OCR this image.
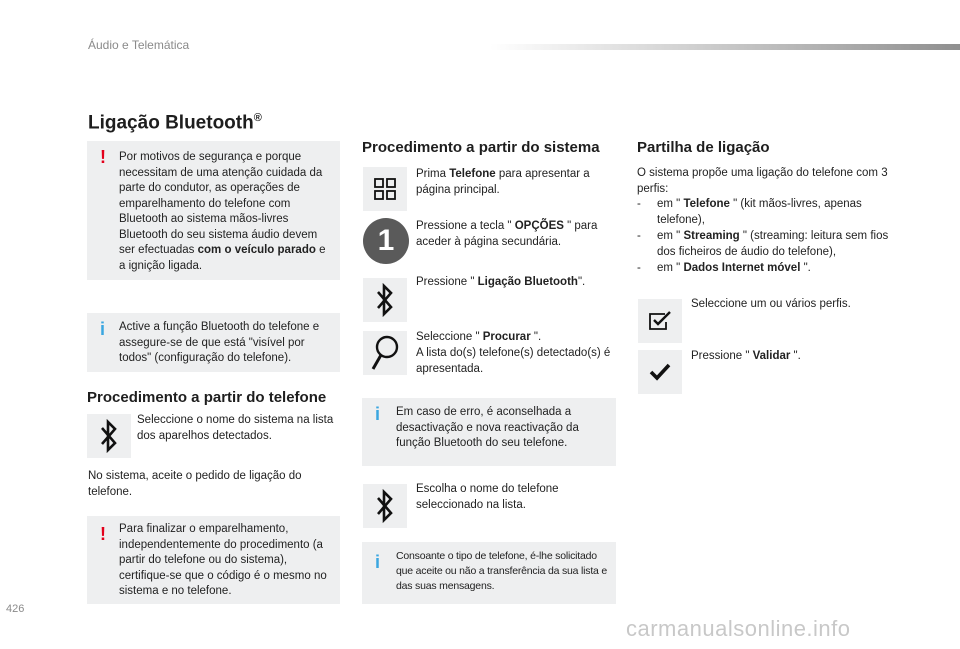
Áudio e Telemática
Ligação Bluetooth®
! Por motivos de segurança e porque necessitam de uma atenção cuidada da parte do condutor, as operações de emparelhamento do telefone com Bluetooth ao sistema mãos-livres Bluetooth do seu sistema áudio devem ser efectuadas com o veículo parado e a ignição ligada.
i Active a função Bluetooth do telefone e assegure-se de que está "visível por todos" (configuração do telefone).
Procedimento a partir do telefone
Seleccione o nome do sistema na lista dos aparelhos detectados.
No sistema, aceite o pedido de ligação do telefone.
! Para finalizar o emparelhamento, independentemente do procedimento (a partir do telefone ou do sistema), certifique-se que o código é o mesmo no sistema e no telefone.
Procedimento a partir do sistema
Prima Telefone para apresentar a página principal.
1	Pressione a tecla " OPÇÕES " para aceder à página secundária.
Pressione " Ligação Bluetooth".
Seleccione " Procurar ".
A lista do(s) telefone(s) detectado(s) é apresentada.
i Em caso de erro, é aconselhada a desactivação e nova reactivação da função Bluetooth do seu telefone.
Escolha o nome do telefone seleccionado na lista.
i Consoante o tipo de telefone, é-lhe solicitado que aceite ou não a transferência da sua lista e das suas mensagens.
Partilha de ligação
O sistema propõe uma ligação do telefone com 3 perfis:
- em " Telefone " (kit mãos-livres, apenas telefone),
- em " Streaming " (streaming: leitura sem fios dos ficheiros de áudio do telefone),
- em " Dados Internet móvel ".
Seleccione um ou vários perfis.
Pressione " Validar ".
426
carmanualsonline.info
